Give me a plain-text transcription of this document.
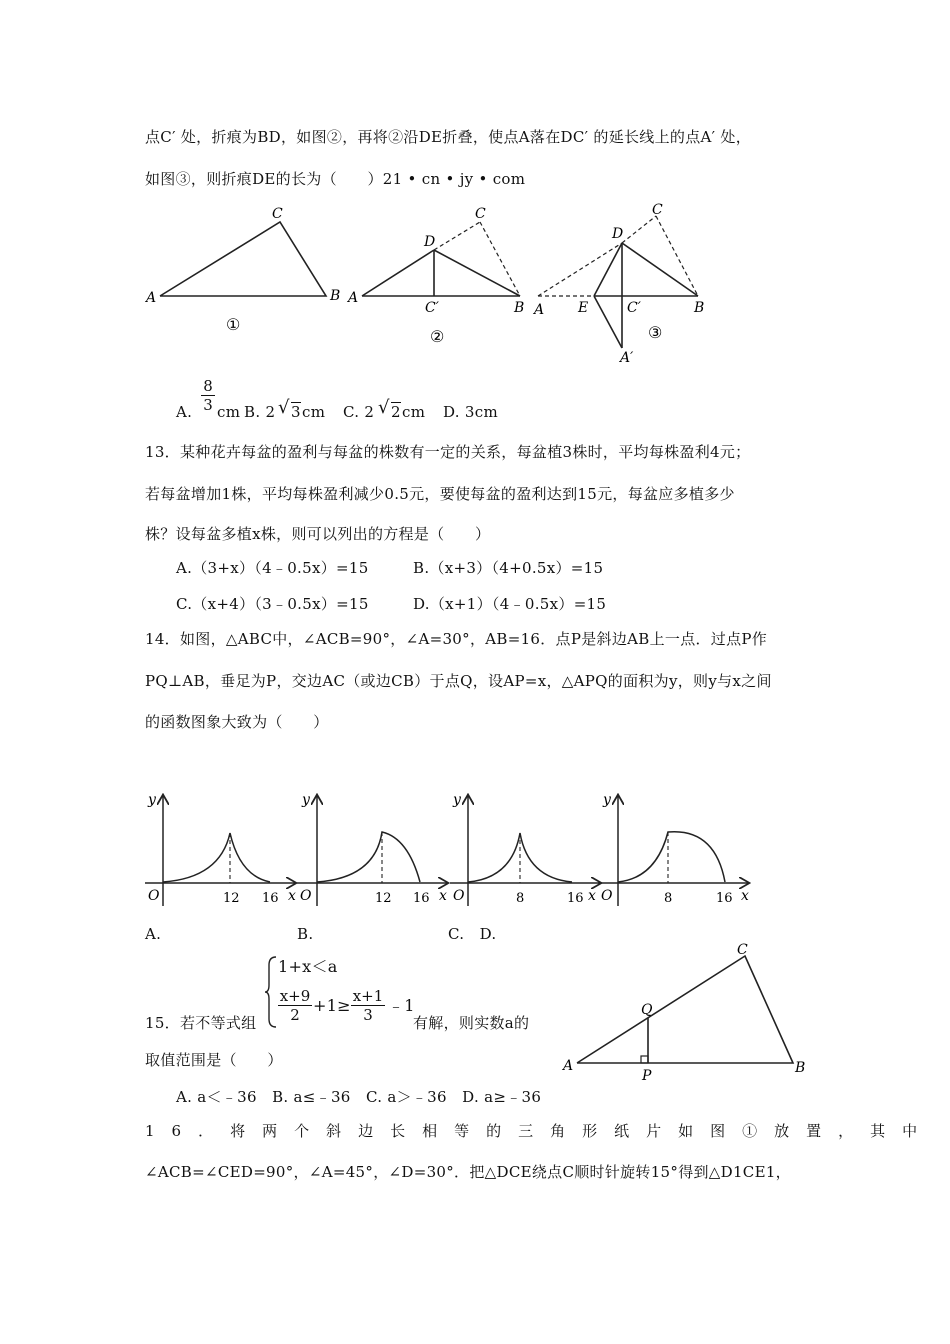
点C′ 处，折痕为BD，如图②，再将②沿DE折叠，使点A落在DC′ 的延长线上的点A′ 处，
如图③，则折痕DE的长为（　　）21 • cn • jy • com
A	B
C
①
A
B
C
D
C′
②
A	B
C
D
E	C′
A′
③
A. $\frac{8}{3}$ cm B. 2 √ 3 cm C. 2 √ 2 cm D. 3cm
13．某种花卉每盆的盈利与每盆的株数有一定的关系，每盆植3株时，平均每株盈利4元；
若每盆增加1株，平均每株盈利减少0.5元，要使每盆的盈利达到15元，每盆应多植多少
株？设每盆多植x株，则可以列出的方程是（　　）
A.（3+x）（4﹣0.5x）=15	B.（x+3）（4+0.5x）=15
C.（x+4）（3﹣0.5x）=15	D.（x+1）（4﹣0.5x）=15
14．如图，△ABC中，∠ACB=90°，∠A=30°，AB=16．点P是斜边AB上一点．过点P作
PQ⊥AB，垂足为P，交边AC（或边CB）于点Q，设AP=x，△APQ的面积为y，则y与x之间
的函数图象大致为（　　）
y
x
O	12 16
y
x
O	12 16
y
x
O	8	16
y
x
O	8	16
A.	B.	C.　D.
1+x＜a
$\frac{x+9}{2} +1\ge \frac{x+1}{3}$ ﹣1
15．若不等式组	有解，则实数a的
取值范围是（　　）
A. a＜﹣36　B. a≤﹣36　C. a＞﹣36　D. a≥﹣36
A	B
C
P
Q
16．将两个斜边长相等的三角形纸片如图①放置，其中
∠ACB=∠CED=90°，∠A=45°，∠D=30°．把△DCE绕点C顺时针旋转15°得到△D1CE1，
